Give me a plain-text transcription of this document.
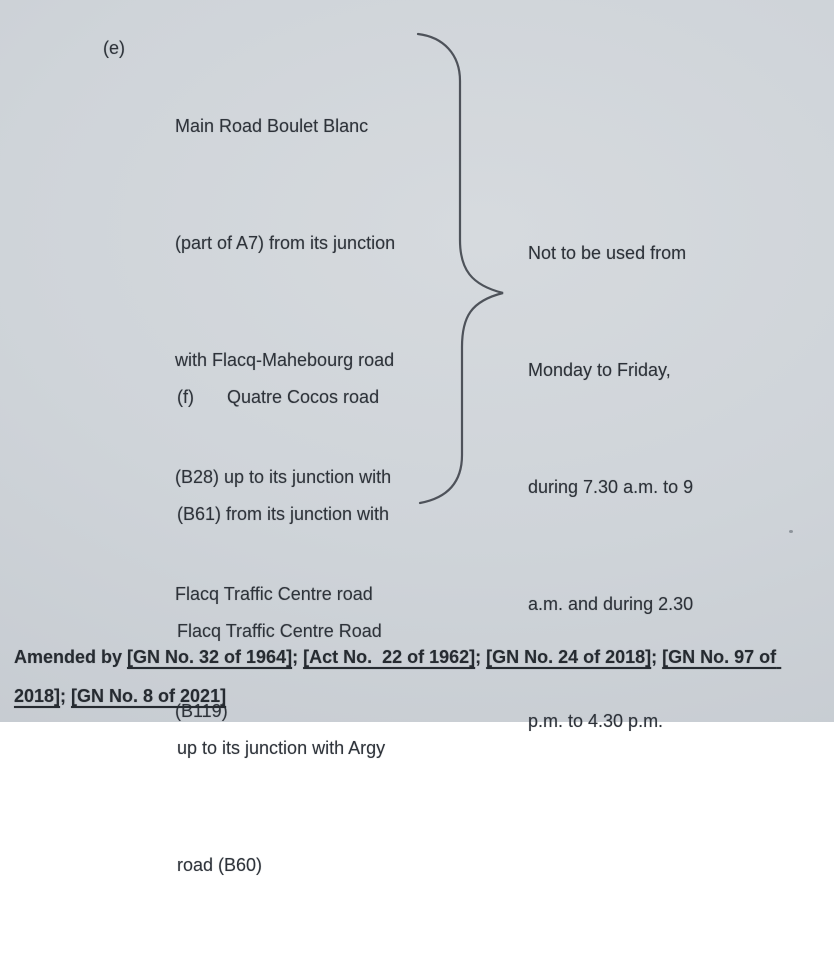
(e)

Main Road Boulet Blanc

(part of A7) from its junction

with Flacq-Mahebourg road

(B28) up to its junction with

Flacq Traffic Centre road

(B119)

(f) Quatre Cocos road

(B61) from its junction with

Flacq Traffic Centre Road

up to its junction with Argy

road (B60)

Not to be used from

Monday to Friday,

during 7.30 a.m. to 9

a.m. and during 2.30

p.m. to 4.30 p.m.

Amended by [GN No. 32 of 1964]; [Act No.  22 of 1962]; [GN No. 24 of 2018]; [GN No. 97 of 2018]; [GN No. 8 of 2021]
